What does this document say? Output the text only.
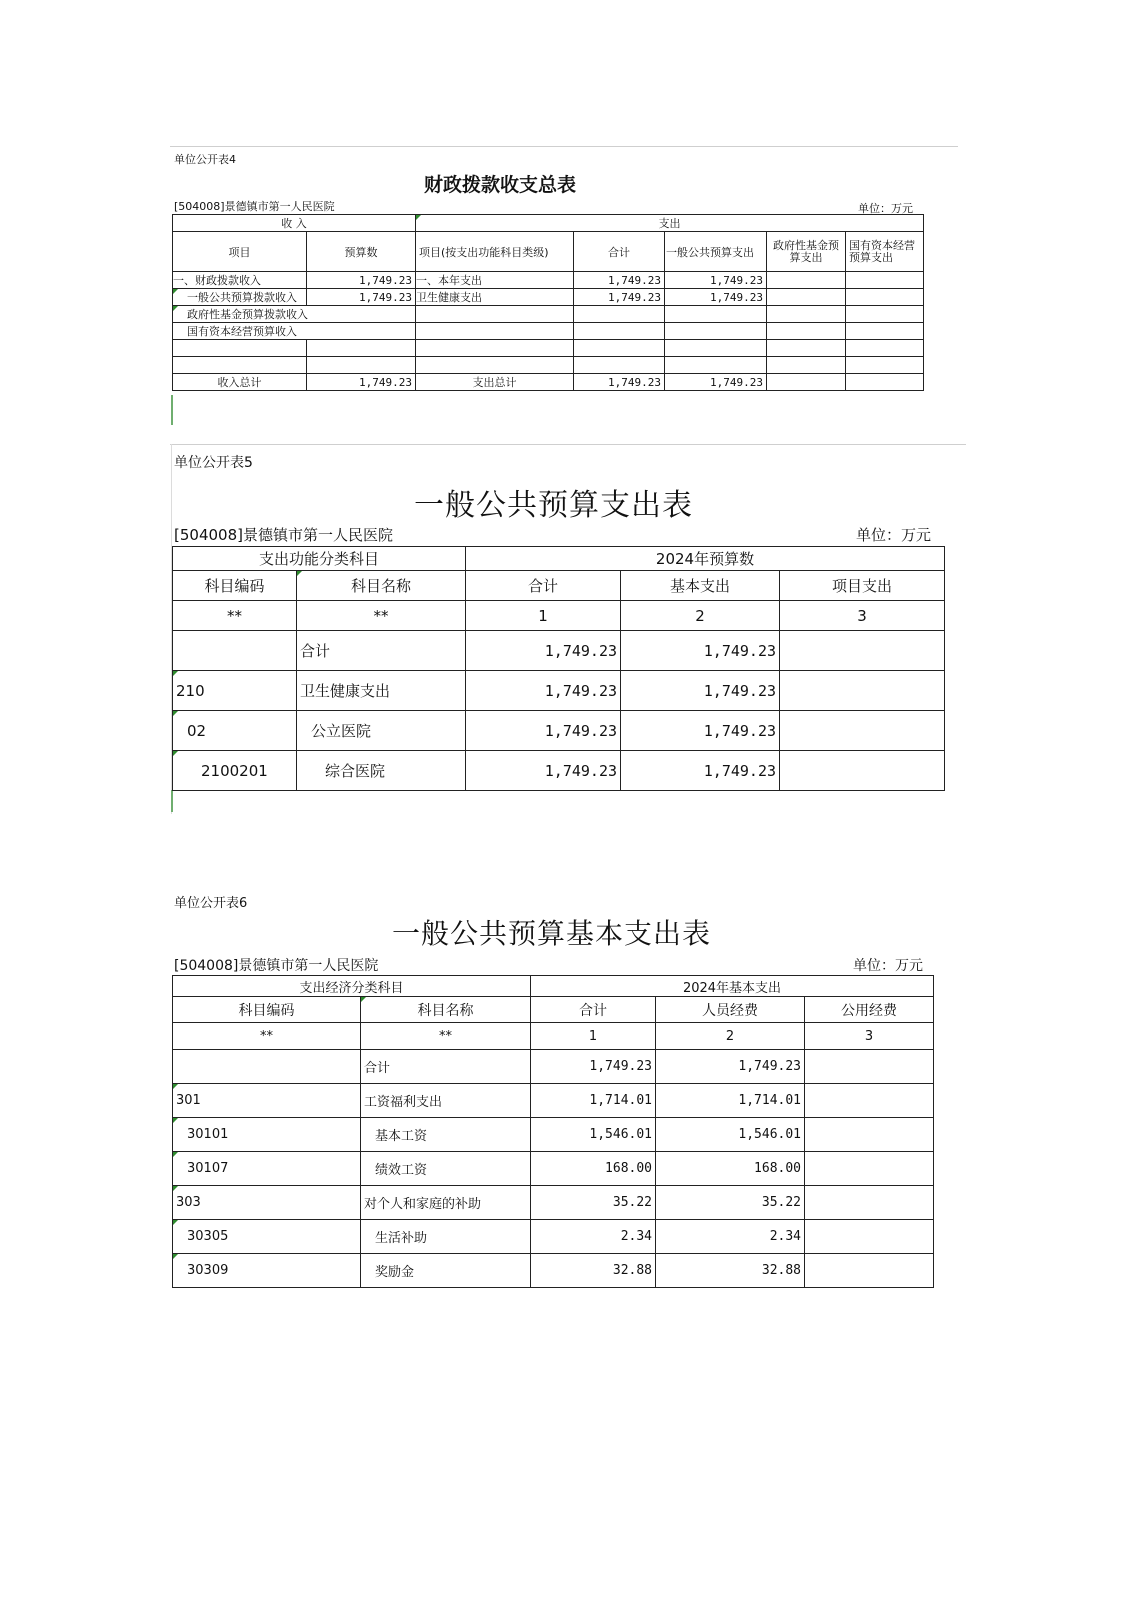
单位公开表4
财政拨款收支总表
[504008]景德镇市第一人民医院	单位：万元
收 入		支出				
项目	预算数	项目(按支出功能科目类级)	合计	一般公共预算支出	政府性基金预算支出	国有资本经营预算支出
一、财政拨款收入	1,749.23	一、本年支出	1,749.23	1,749.23		
一般公共预算拨款收入	1,749.23	卫生健康支出	1,749.23	1,749.23		
政府性基金预算拨款收入						
国有资本经营预算收入						

收入总计	1,749.23	支出总计	1,749.23	1,749.23		
单位公开表5
一般公共预算支出表
[504008]景德镇市第一人民医院	单位：万元
支出功能分类科目		2024年预算数		
科目编码	科目名称	合计	基本支出	项目支出
**	**	1	2	3
	合计	1,749.23	1,749.23	
210	卫生健康支出	1,749.23	1,749.23	
02	公立医院	1,749.23	1,749.23	
2100201	综合医院	1,749.23	1,749.23	
单位公开表6
一般公共预算基本支出表
[504008]景德镇市第一人民医院	单位：万元
支出经济分类科目		2024年基本支出		
科目编码	科目名称	合计	人员经费	公用经费
**	**	1	2	3
	合计	1,749.23	1,749.23	
301	工资福利支出	1,714.01	1,714.01	
30101	基本工资	1,546.01	1,546.01	
30107	绩效工资	168.00	168.00	
303	对个人和家庭的补助	35.22	35.22	
30305	生活补助	2.34	2.34	
30309	奖励金	32.88	32.88	
